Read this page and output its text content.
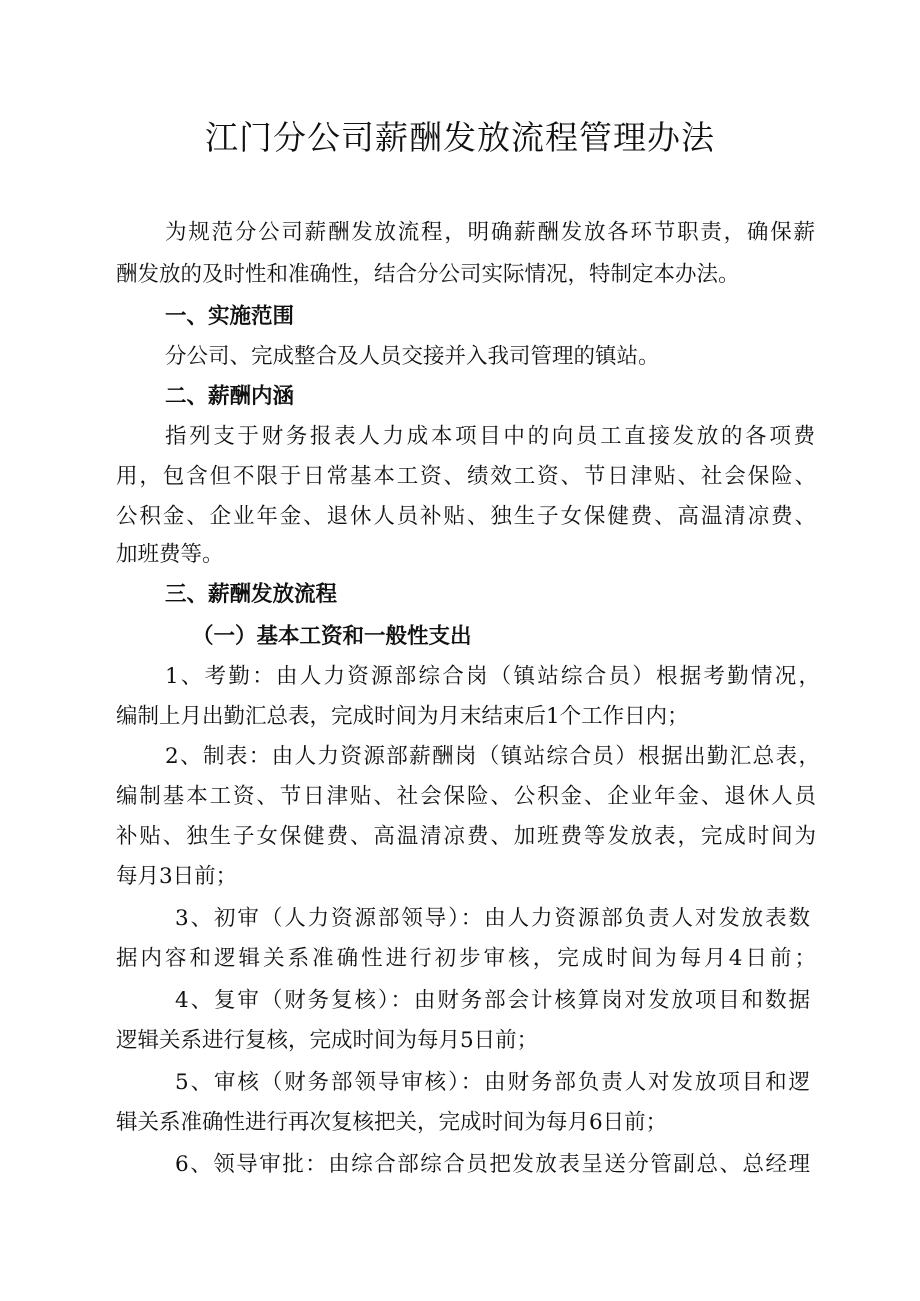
江门分公司薪酬发放流程管理办法
为规范分公司薪酬发放流程，明确薪酬发放各环节职责，确保薪
酬发放的及时性和准确性，结合分公司实际情况，特制定本办法。
一、实施范围
分公司、完成整合及人员交接并入我司管理的镇站。
二、薪酬内涵
指列支于财务报表人力成本项目中的向员工直接发放的各项费
用，包含但不限于日常基本工资、绩效工资、节日津贴、社会保险、
公积金、企业年金、退休人员补贴、独生子女保健费、高温清凉费、
加班费等。
三、薪酬发放流程
（一）基本工资和一般性支出
1、考勤：由人力资源部综合岗（镇站综合员）根据考勤情况，
编制上月出勤汇总表，完成时间为月末结束后1个工作日内；
2、制表：由人力资源部薪酬岗（镇站综合员）根据出勤汇总表，
编制基本工资、节日津贴、社会保险、公积金、企业年金、退休人员
补贴、独生子女保健费、高温清凉费、加班费等发放表，完成时间为
每月3日前；
3、初审（人力资源部领导）：由人力资源部负责人对发放表数
据内容和逻辑关系准确性进行初步审核，完成时间为每月4日前；
4、复审（财务复核）：由财务部会计核算岗对发放项目和数据
逻辑关系进行复核，完成时间为每月5日前；
5、审核（财务部领导审核）：由财务部负责人对发放项目和逻
辑关系准确性进行再次复核把关，完成时间为每月6日前；
6、领导审批：由综合部综合员把发放表呈送分管副总、总经理
